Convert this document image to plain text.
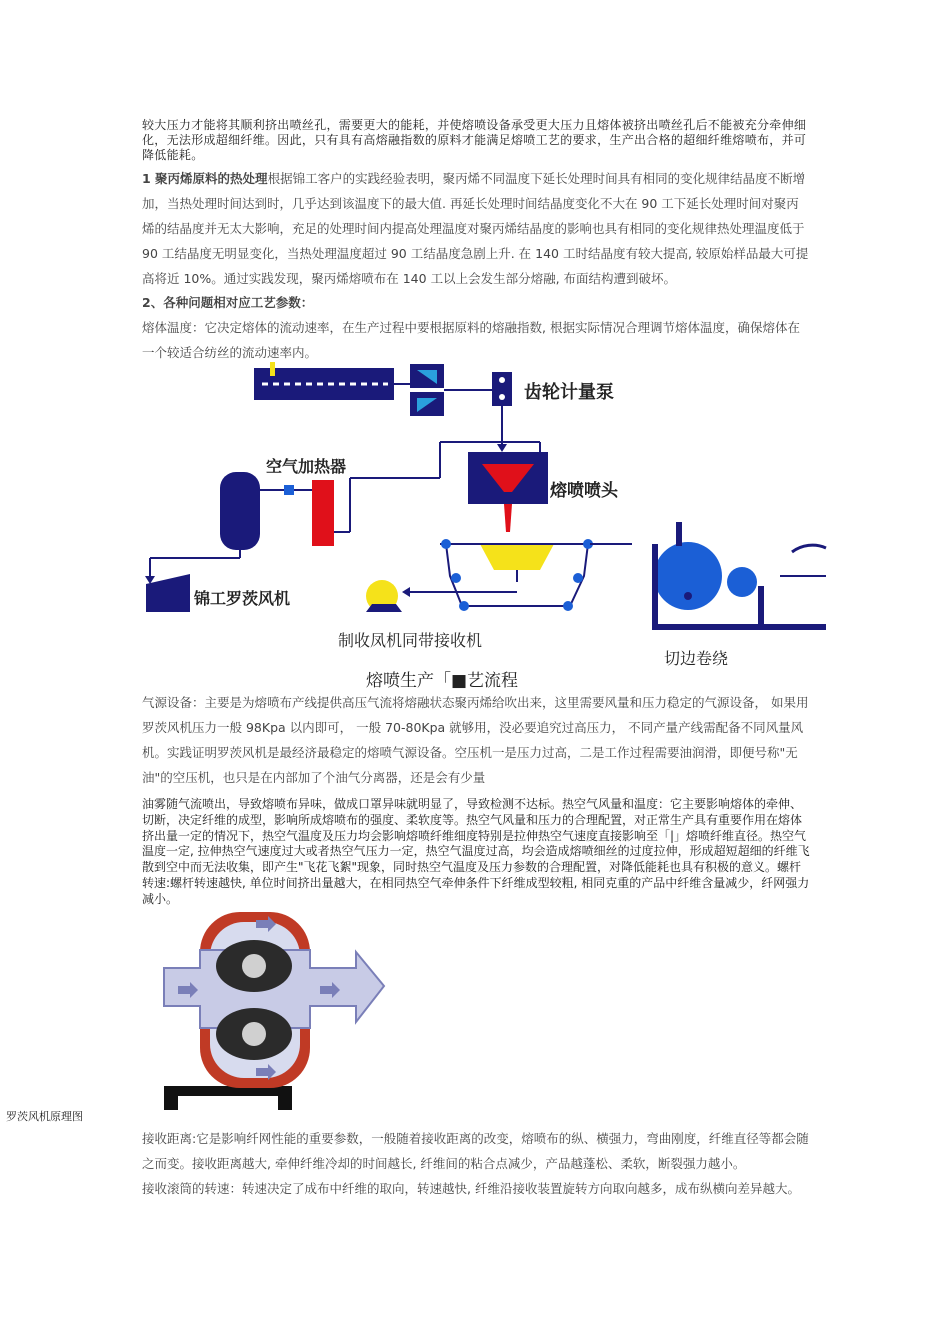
较大压力才能将其顺利挤出喷丝孔，需要更大的能耗，并使熔喷设备承受更大压力且熔体被挤出喷丝孔后不能被充分牵伸细化，无法形成超细纤维。因此，只有具有高熔融指数的原料才能满足熔喷工艺的要求，生产出合格的超细纤维熔喷布，并可降低能耗。

1 聚丙烯原料的热处理根据锦工客户的实践经验表明，聚丙烯不同温度下延长处理时间具有相同的变化规律结晶度不断增加，当热处理时间达到时，几乎达到该温度下的最大值. 再延长处理时间结晶度变化不大在 90 工下延长处理时间对聚丙烯的结晶度并无太大影响，充足的处理时间内提高处理温度对聚丙烯结晶度的影响也具有相同的变化规律热处理温度低于 90 工结晶度无明显变化，当热处理温度超过 90 工结晶度急剧上升. 在 140 工时结晶度有较大提高, 较原始样品最大可提高将近 10%。通过实践发现，聚丙烯熔喷布在 140 工以上会发生部分熔融, 布面结构遭到破坏。

2、各种问题相对应工艺参数：

熔体温度：它决定熔体的流动速率，在生产过程中要根据原料的熔融指数, 根据实际情况合理调节熔体温度，确保熔体在一个较适合纺丝的流动速率内。

齿轮计量泵
空气加热器
熔喷喷头
锦工罗茨风机
制收凤机同带接收机
切边卷绕
熔喷生产「■艺流程

气源设备：主要是为熔喷布产线提供高压气流将熔融状态聚丙烯给吹出来，这里需要风量和压力稳定的气源设备， 如果用罗茨风机压力一般 98Kpa 以内即可， 一般 70-80Kpa 就够用，没必要追究过高压力， 不同产量产线需配备不同风量风机。实践证明罗茨风机是最经济最稳定的熔喷气源设备。空压机一是压力过高，二是工作过程需要油润滑，即便号称"无油"的空压机，也只是在内部加了个油气分离器，还是会有少量

油雾随气流喷出，导致熔喷布异味，做成口罩异味就明显了，导致检测不达标。热空气风量和温度：它主要影响熔体的牵伸、切断，决定纤维的成型，影响所成熔喷布的强度、柔软度等。热空气风量和压力的合理配置，对正常生产具有重要作用在熔体挤出量一定的情况下，热空气温度及压力均会影响熔喷纤维细度特别是拉伸热空气速度直接影响至「|」熔喷纤维直径。热空气温度一定, 拉伸热空气速度过大或者热空气压力一定，热空气温度过高，均会造成熔喷细丝的过度拉伸，形成超短超细的纤维飞散到空中而无法收集，即产生"飞花飞絮"现象，同时热空气温度及压力参数的合理配置，对降低能耗也具有积极的意义。螺杆转速:螺杆转速越快, 单位时间挤出量越大，在相同热空气牵伸条件下纤维成型较粗, 相同克重的产品中纤维含量减少，纤网强力减小。

罗茨风机原理图

接收距离:它是影响纤网性能的重要参数，一般随着接收距离的改变，熔喷布的纵、横强力，弯曲刚度，纤维直径等都会随之而变。接收距离越大, 牵伸纤维冷却的时间越长, 纤维间的粘合点减少，产品越蓬松、柔软，断裂强力越小。

接收滚筒的转速：转速决定了成布中纤维的取向，转速越快, 纤维沿接收装置旋转方向取向越多，成布纵横向差异越大。
